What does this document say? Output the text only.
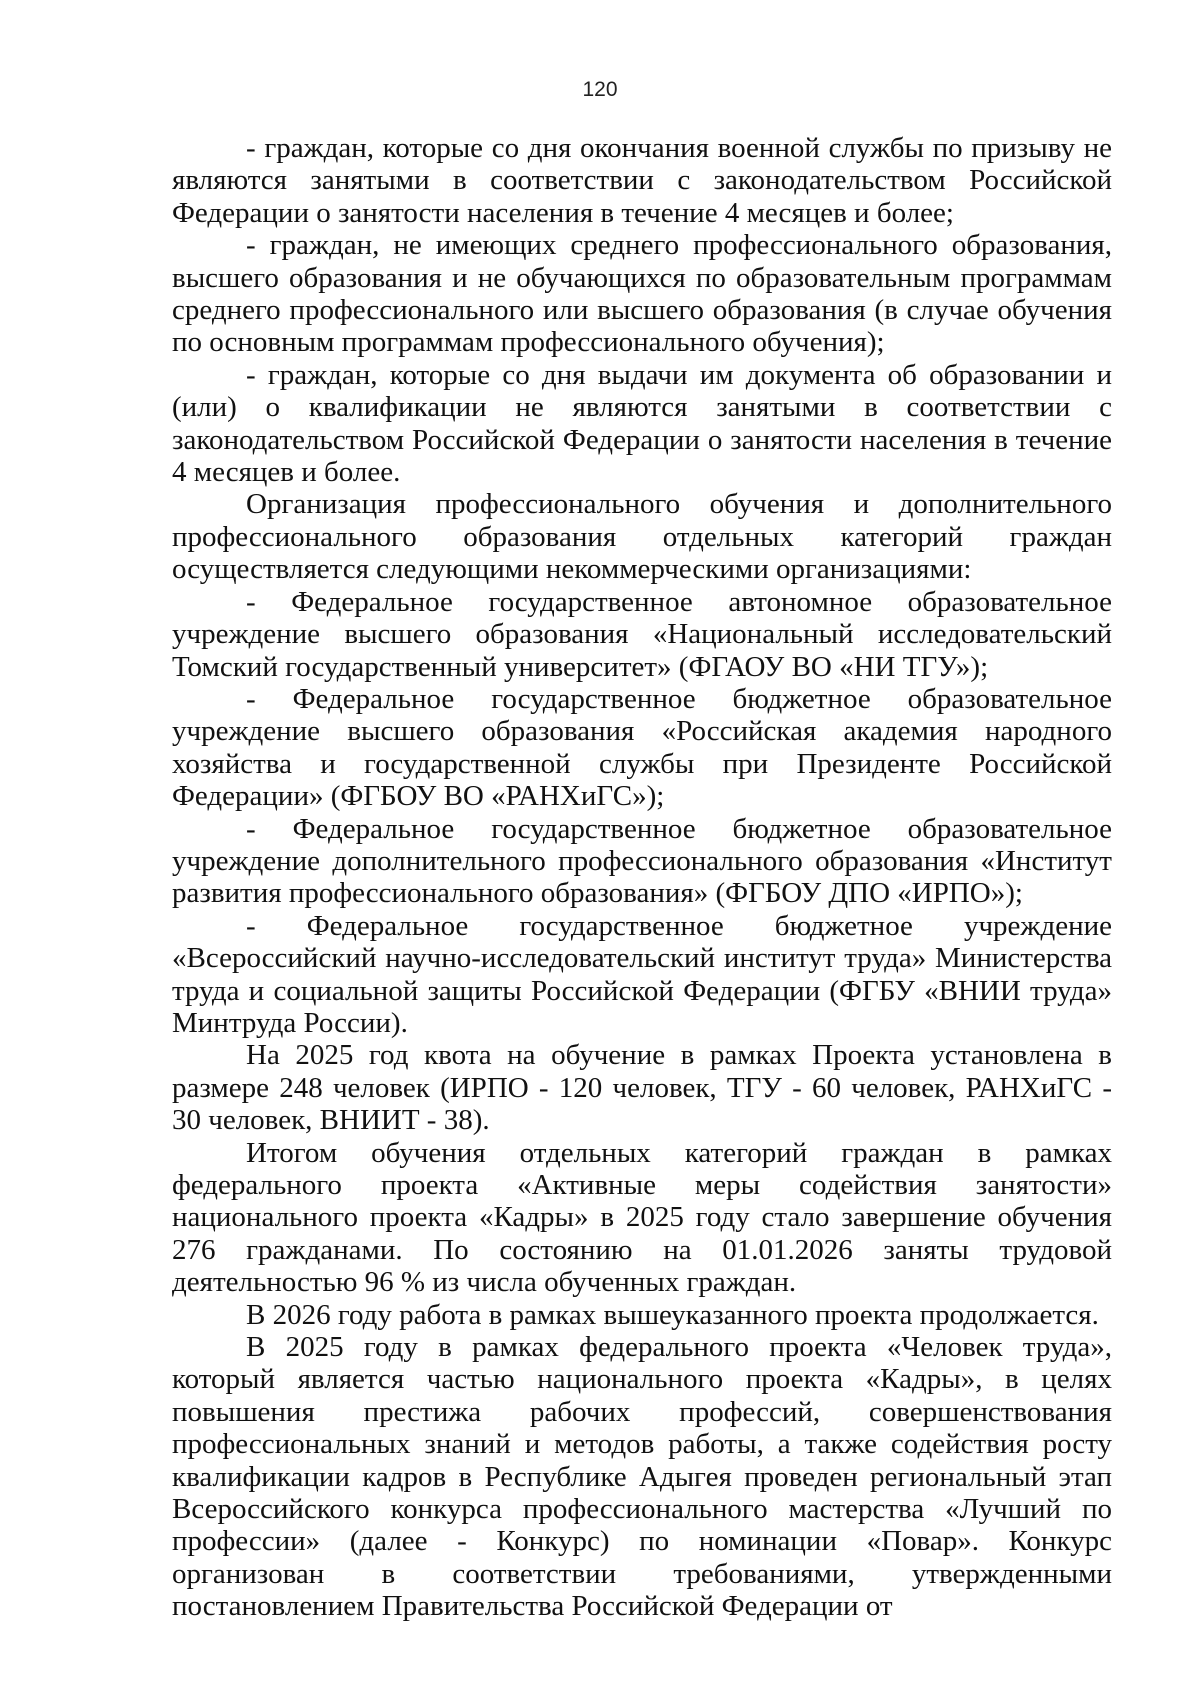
120

- граждан, которые со дня окончания военной службы по призыву не являются занятыми в соответствии с законодательством Российской Федерации о занятости населения в течение 4 месяцев и более;

- граждан, не имеющих среднего профессионального образования, высшего образования и не обучающихся по образовательным программам среднего профессионального или высшего образования (в случае обучения по основным программам профессионального обучения);

- граждан, которые со дня выдачи им документа об образовании и (или) о квалификации не являются занятыми в соответствии с законодательством Российской Федерации о занятости населения в течение 4 месяцев и более.

Организация профессионального обучения и дополнительного профессионального образования отдельных категорий граждан осуществляется следующими некоммерческими организациями:

- Федеральное государственное автономное образовательное учреждение высшего образования «Национальный исследовательский Томский государственный университет» (ФГАОУ ВО «НИ ТГУ»);

- Федеральное государственное бюджетное образовательное учреждение высшего образования «Российская академия народного хозяйства и государственной службы при Президенте Российской Федерации» (ФГБОУ ВО «РАНХиГС»);

- Федеральное государственное бюджетное образовательное учреждение дополнительного профессионального образования «Институт развития профессионального образования» (ФГБОУ ДПО «ИРПО»);

- Федеральное государственное бюджетное учреждение «Всероссийский научно-исследовательский институт труда» Министерства труда и социальной защиты Российской Федерации (ФГБУ «ВНИИ труда» Минтруда России).

На 2025 год квота на обучение в рамках Проекта установлена в размере 248 человек (ИРПО - 120 человек, ТГУ - 60 человек, РАНХиГС - 30 человек, ВНИИТ - 38).

Итогом обучения отдельных категорий граждан в рамках федерального проекта «Активные меры содействия занятости» национального проекта «Кадры» в 2025 году стало завершение обучения 276 гражданами. По состоянию на 01.01.2026 заняты трудовой деятельностью 96 % из числа обученных граждан.

В 2026 году работа в рамках вышеуказанного проекта продолжается.

В 2025 году в рамках федерального проекта «Человек труда», который является частью национального проекта «Кадры», в целях повышения престижа рабочих профессий, совершенствования профессиональных знаний и методов работы, а также содействия росту квалификации кадров в Республике Адыгея проведен региональный этап Всероссийского конкурса профессионального мастерства «Лучший по профессии» (далее - Конкурс) по номинации «Повар». Конкурс организован в соответствии требованиями, утвержденными постановлением Правительства Российской Федерации от
